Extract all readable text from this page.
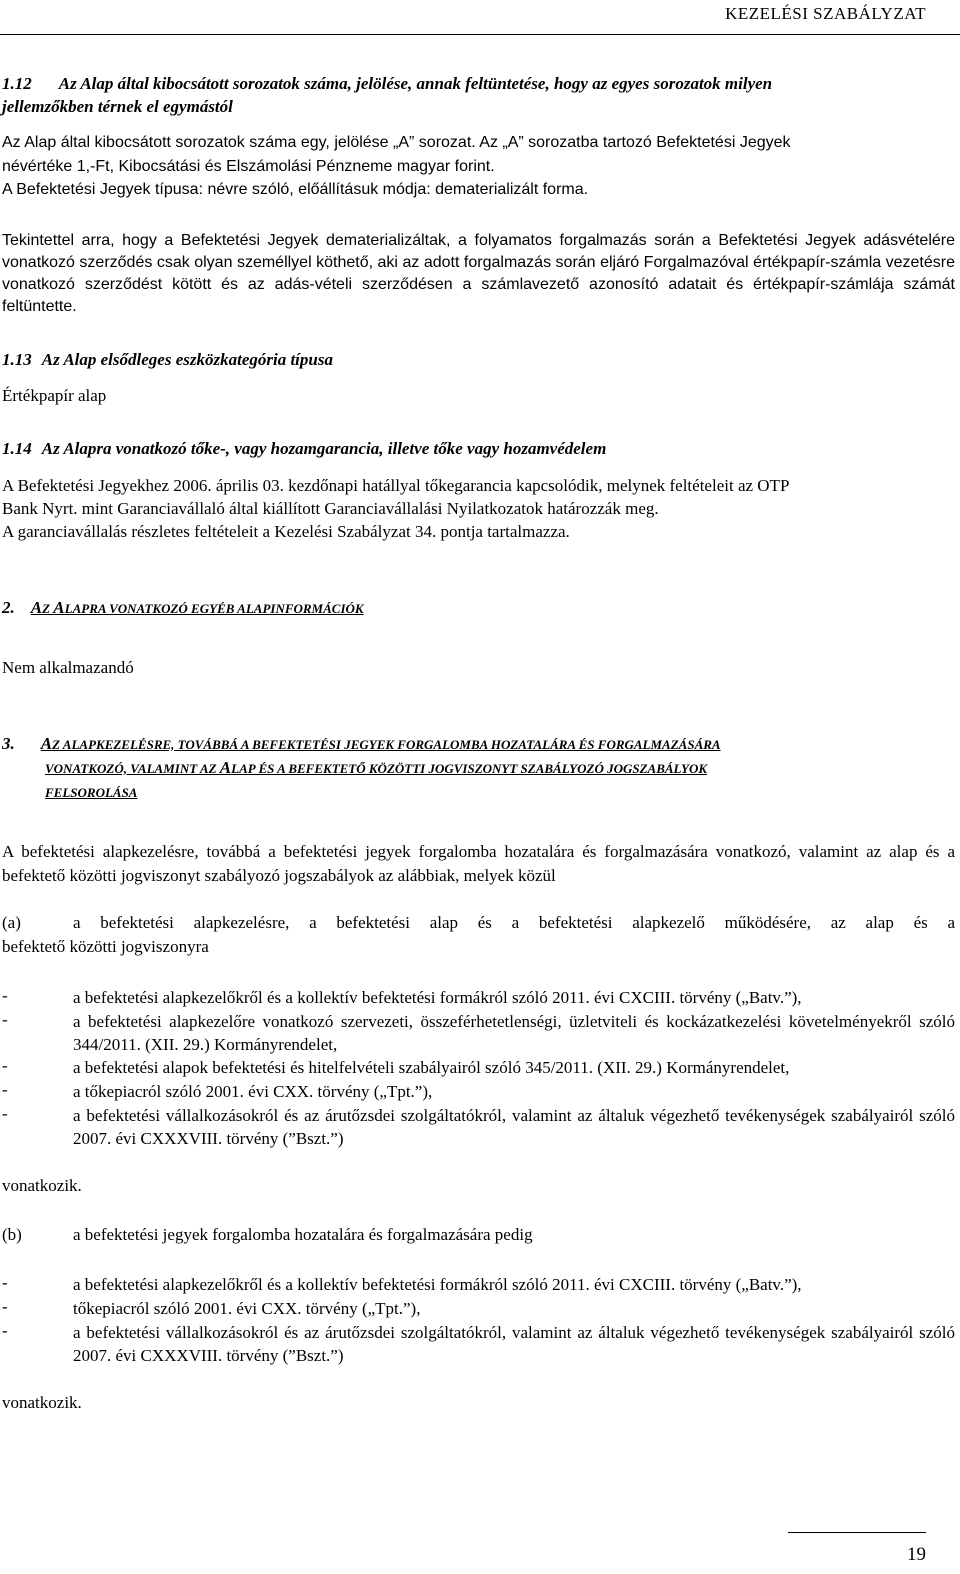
KEZELÉSI SZABÁLYZAT
1.12 Az Alap által kibocsátott sorozatok száma, jelölése, annak feltüntetése, hogy az egyes sorozatok milyen
jellemzőkben térnek el egymástól
Az Alap által kibocsátott sorozatok száma egy, jelölése „A” sorozat. Az „A” sorozatba tartozó Befektetési Jegyek
névértéke 1,-Ft, Kibocsátási és Elszámolási Pénzneme magyar forint.
A Befektetési Jegyek típusa: névre szóló, előállításuk módja: dematerializált forma.
Tekintettel arra, hogy a Befektetési Jegyek dematerializáltak, a folyamatos forgalmazás során a Befektetési Jegyek adásvételére vonatkozó szerződés csak olyan személlyel köthető, aki az adott forgalmazás során eljáró Forgalmazóval értékpapír-számla vezetésre vonatkozó szerződést kötött és az adás-vételi szerződésen a számlavezető azonosító adatait és értékpapír-számlája számát feltüntette.
1.13 Az Alap elsődleges eszközkategória típusa
Értékpapír alap
1.14 Az Alapra vonatkozó tőke-, vagy hozamgarancia, illetve tőke vagy hozamvédelem
A Befektetési Jegyekhez 2006. április 03. kezdőnapi hatállyal tőkegarancia kapcsolódik, melynek feltételeit az OTP
Bank Nyrt. mint Garanciavállaló által kiállított Garanciavállalási Nyilatkozatok határozzák meg.
A garanciavállalás részletes feltételeit a Kezelési Szabályzat 34. pontja tartalmazza.
2. AZ ALAPRA VONATKOZÓ EGYÉB ALAPINFORMÁCIÓK
Nem alkalmazandó
3. AZ ALAPKEZELÉSRE, TOVÁBBÁ A BEFEKTETÉSI JEGYEK FORGALOMBA HOZATALÁRA ÉS FORGALMAZÁSÁRA
VONATKOZÓ, VALAMINT AZ ALAP ÉS A BEFEKTETŐ KÖZÖTTI JOGVISZONYT SZABÁLYOZÓ JOGSZABÁLYOK
FELSOROLÁSA
A befektetési alapkezelésre, továbbá a befektetési jegyek forgalomba hozatalára és forgalmazására vonatkozó, valamint az alap és a befektető közötti jogviszonyt szabályozó jogszabályok az alábbiak, melyek közül
(a)	a befektetési alapkezelésre, a befektetési alap és a befektetési alapkezelő működésére, az alap és a
befektető közötti jogviszonyra
-	a befektetési alapkezelőkről és a kollektív befektetési formákról szóló 2011. évi CXCIII. törvény („Batv.”),
-	a befektetési alapkezelőre vonatkozó szervezeti, összeférhetetlenségi, üzletviteli és kockázatkezelési követelményekről szóló 344/2011. (XII. 29.) Kormányrendelet,
-	a befektetési alapok befektetési és hitelfelvételi szabályairól szóló 345/2011. (XII. 29.) Kormányrendelet,
-	a tőkepiacról szóló 2001. évi CXX. törvény („Tpt.”),
-	a befektetési vállalkozásokról és az árutőzsdei szolgáltatókról, valamint az általuk végezhető tevékenységek szabályairól szóló 2007. évi CXXXVIII. törvény (”Bszt.”)
vonatkozik.
(b)	a befektetési jegyek forgalomba hozatalára és forgalmazására pedig
-	a befektetési alapkezelőkről és a kollektív befektetési formákról szóló 2011. évi CXCIII. törvény („Batv.”),
-	tőkepiacról szóló 2001. évi CXX. törvény („Tpt.”),
-	a befektetési vállalkozásokról és az árutőzsdei szolgáltatókról, valamint az általuk végezhető tevékenységek szabályairól szóló 2007. évi CXXXVIII. törvény (”Bszt.”)
vonatkozik.
19
